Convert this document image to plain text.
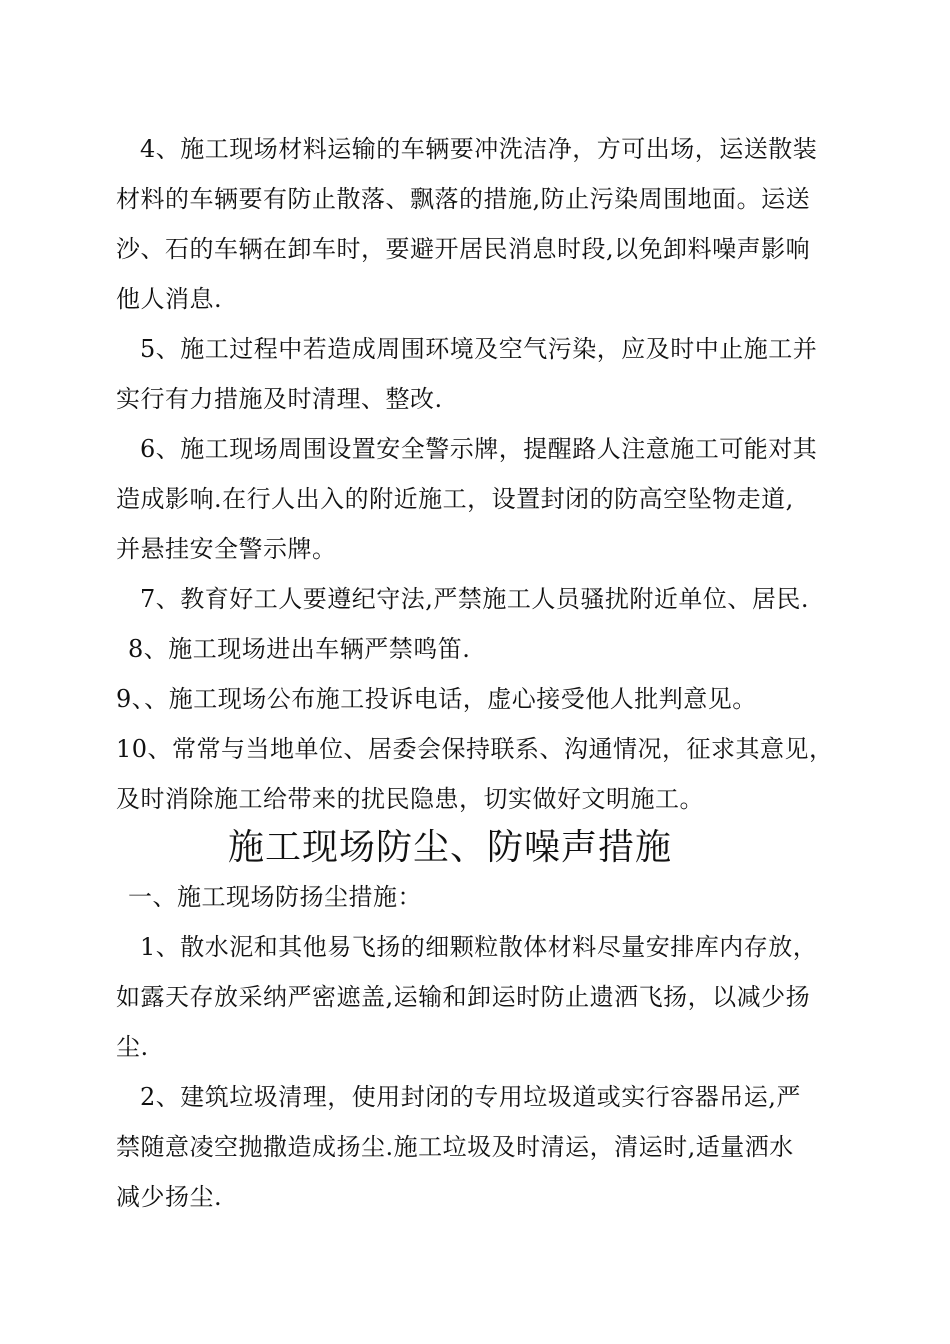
4、施工现场材料运输的车辆要冲洗洁净，方可出场，运送散装
材料的车辆要有防止散落、飘落的措施,防止污染周围地面。运送
沙、石的车辆在卸车时，要避开居民消息时段,以免卸料噪声影响
他人消息.
5、施工过程中若造成周围环境及空气污染，应及时中止施工并
实行有力措施及时清理、整改.
6、施工现场周围设置安全警示牌，提醒路人注意施工可能对其
造成影响.在行人出入的附近施工，设置封闭的防高空坠物走道,
并悬挂安全警示牌。
7、教育好工人要遵纪守法,严禁施工人员骚扰附近单位、居民.
8、施工现场进出车辆严禁鸣笛.
9、、施工现场公布施工投诉电话，虚心接受他人批判意见。
10、常常与当地单位、居委会保持联系、沟通情况，征求其意见，
及时消除施工给带来的扰民隐患，切实做好文明施工。
施工现场防尘、防噪声措施
一、施工现场防扬尘措施：
1、散水泥和其他易飞扬的细颗粒散体材料尽量安排库内存放，
如露天存放采纳严密遮盖,运输和卸运时防止遗洒飞扬，以减少扬
尘.
2、建筑垃圾清理，使用封闭的专用垃圾道或实行容器吊运,严
禁随意凌空抛撒造成扬尘.施工垃圾及时清运，清运时,适量洒水
减少扬尘.
